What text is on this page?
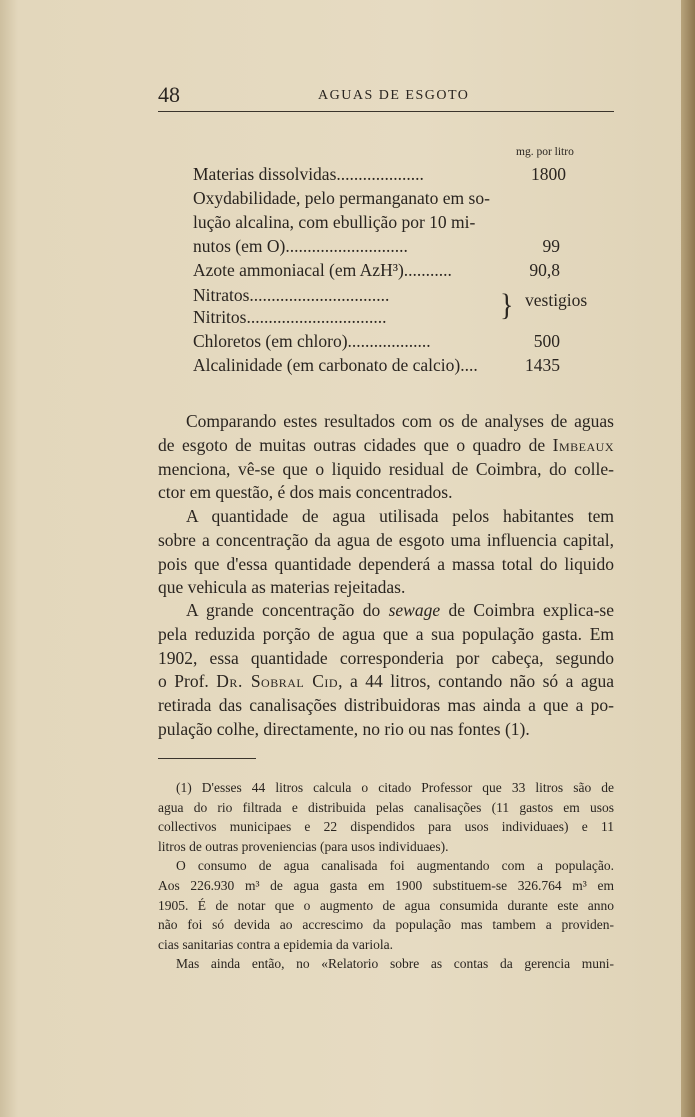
48	AGUAS DE ESGOTO
mg. por litro
Materias dissolvidas....................	1800
Oxydabilidade, pelo permanganato em so-
lução alcalina, com ebullição por 10 mi-
nutos (em O)............................	99
Azote ammoniacal (em AzH³)...........	90,8
Nitratos................................
Nitritos................................	} vestigios
Chloretos (em chloro)...................	500
Alcalinidade (em carbonato de calcio)....	1435
Comparando estes resultados com os de analyses de aguas
de esgoto de muitas outras cidades que o quadro de Imbeaux
menciona, vê-se que o liquido residual de Coimbra, do colle-
ctor em questão, é dos mais concentrados.
A quantidade de agua utilisada pelos habitantes tem
sobre a concentração da agua de esgoto uma influencia capital,
pois que d'essa quantidade dependerá a massa total do liquido
que vehicula as materias rejeitadas.
A grande concentração do sewage de Coimbra explica-se
pela reduzida porção de agua que a sua população gasta. Em
1902, essa quantidade corresponderia por cabeça, segundo
o Prof. Dr. Sobral Cid, a 44 litros, contando não só a agua
retirada das canalisações distribuidoras mas ainda a que a po-
pulação colhe, directamente, no rio ou nas fontes (1).
(1) D'esses 44 litros calcula o citado Professor que 33 litros são de
agua do rio filtrada e distribuida pelas canalisações (11 gastos em usos
collectivos municipaes e 22 dispendidos para usos individuaes) e 11
litros de outras proveniencias (para usos individuaes).
O consumo de agua canalisada foi augmentando com a população.
Aos 226.930 m³ de agua gasta em 1900 substituem-se 326.764 m³ em
1905. É de notar que o augmento de agua consumida durante este anno
não foi só devida ao accrescimo da população mas tambem a providen-
cias sanitarias contra a epidemia da variola.
Mas ainda então, no «Relatorio sobre as contas da gerencia muni-
